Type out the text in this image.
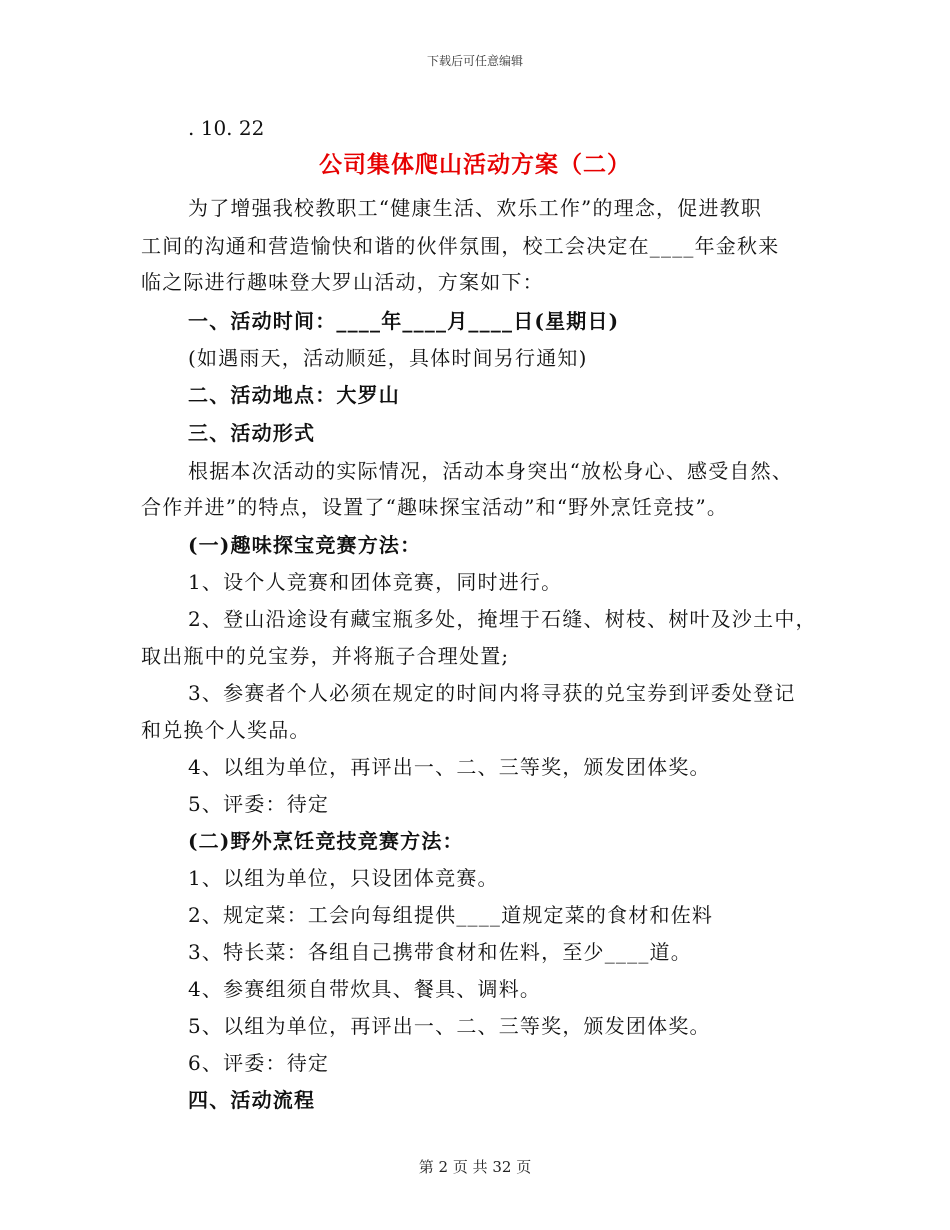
下载后可任意编辑
. 10. 22
公司集体爬山活动方案（二）
为了增强我校教职工“健康生活、欢乐工作”的理念，促进教职
工间的沟通和营造愉快和谐的伙伴氛围，校工会决定在____年金秋来
临之际进行趣味登大罗山活动，方案如下：
一、活动时间：____年____月____日(星期日)
(如遇雨天，活动顺延，具体时间另行通知)
二、活动地点：大罗山
三、活动形式
根据本次活动的实际情况，活动本身突出“放松身心、感受自然、
合作并进”的特点，设置了“趣味探宝活动”和“野外烹饪竞技”。
(一)趣味探宝竞赛方法：
1、设个人竞赛和团体竞赛，同时进行。
2、登山沿途设有藏宝瓶多处，掩埋于石缝、树枝、树叶及沙土中，
取出瓶中的兑宝券，并将瓶子合理处置;
3、参赛者个人必须在规定的时间内将寻获的兑宝券到评委处登记
和兑换个人奖品。
4、以组为单位，再评出一、二、三等奖，颁发团体奖。
5、评委：待定
(二)野外烹饪竞技竞赛方法：
1、以组为单位，只设团体竞赛。
2、规定菜：工会向每组提供____道规定菜的食材和佐料
3、特长菜：各组自己携带食材和佐料，至少____道。
4、参赛组须自带炊具、餐具、调料。
5、以组为单位，再评出一、二、三等奖，颁发团体奖。
6、评委：待定
四、活动流程
第 2 页 共 32 页
